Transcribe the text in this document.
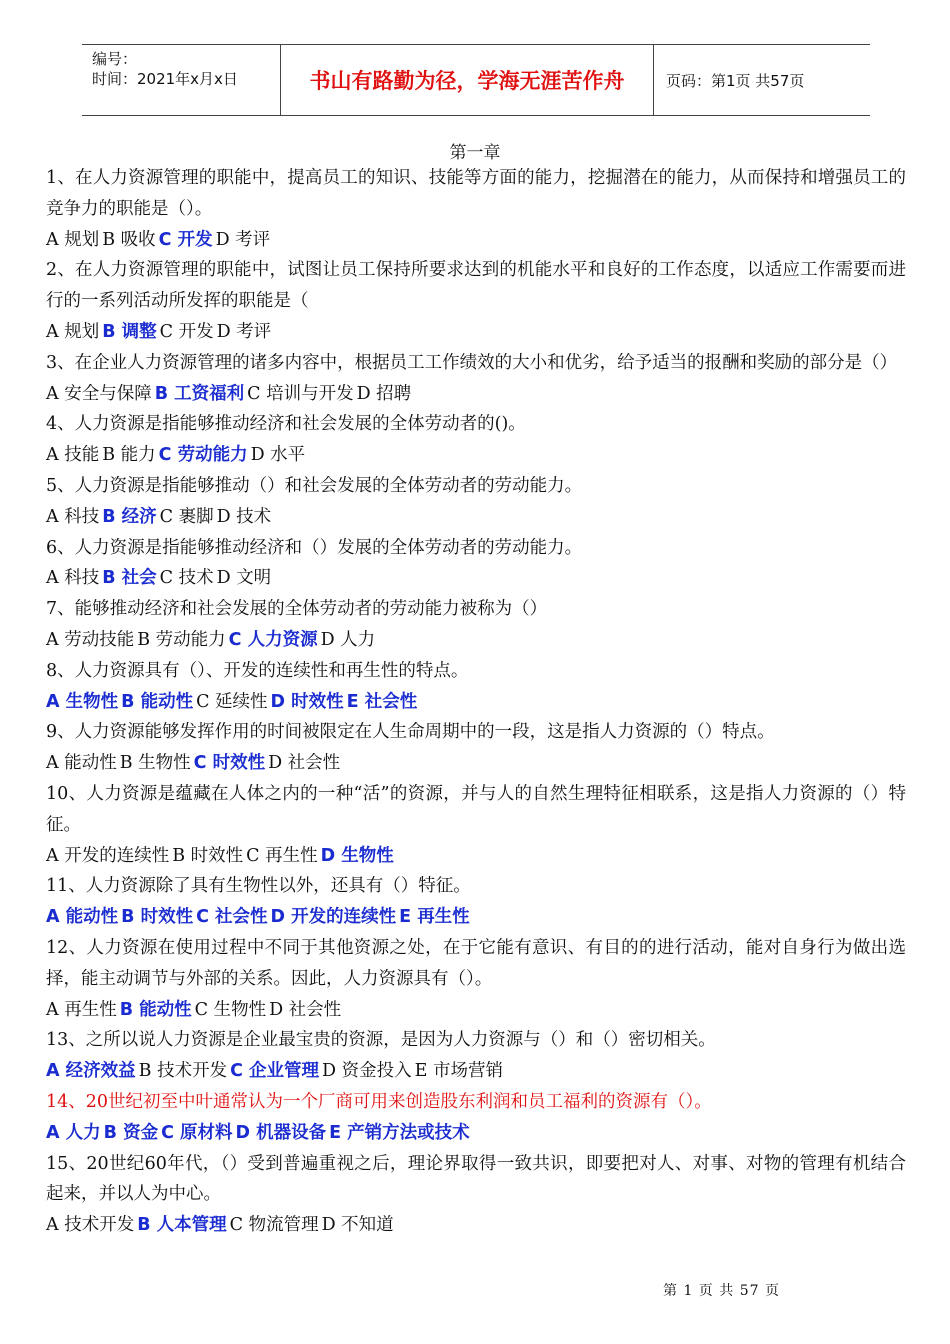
编号：
时间：2021年x月x日	书山有路勤为径，学海无涯苦作舟	页码：第1页 共57页
第一章
1、在人力资源管理的职能中，提高员工的知识、技能等方面的能力，挖掘潜在的能力，从而保持和增强员工的竞争力的职能是（）。
A 规划 B 吸收 C 开发 D 考评
2、在人力资源管理的职能中，试图让员工保持所要求达到的机能水平和良好的工作态度，以适应工作需要而进行的一系列活动所发挥的职能是（
A 规划 B 调整 C 开发 D 考评
3、在企业人力资源管理的诸多内容中，根据员工工作绩效的大小和优劣，给予适当的报酬和奖励的部分是（）
A 安全与保障 B 工资福利 C 培训与开发 D 招聘
4、人力资源是指能够推动经济和社会发展的全体劳动者的()。
A 技能 B 能力 C 劳动能力 D 水平
5、人力资源是指能够推动（）和社会发展的全体劳动者的劳动能力。
A 科技 B 经济 C 裹脚 D 技术
6、人力资源是指能够推动经济和（）发展的全体劳动者的劳动能力。
A 科技 B 社会 C 技术 D 文明
7、能够推动经济和社会发展的全体劳动者的劳动能力被称为（）
A 劳动技能 B 劳动能力 C 人力资源 D 人力
8、人力资源具有（）、开发的连续性和再生性的特点。
A 生物性 B 能动性 C 延续性 D 时效性 E 社会性
9、人力资源能够发挥作用的时间被限定在人生命周期中的一段，这是指人力资源的（）特点。
A 能动性 B 生物性 C 时效性 D 社会性
10、人力资源是蕴藏在人体之内的一种“活”的资源，并与人的自然生理特征相联系，这是指人力资源的（）特征。
A 开发的连续性 B 时效性 C 再生性 D 生物性
11、人力资源除了具有生物性以外，还具有（）特征。
A 能动性 B 时效性 C 社会性 D 开发的连续性 E 再生性
12、人力资源在使用过程中不同于其他资源之处，在于它能有意识、有目的的进行活动，能对自身行为做出选择，能主动调节与外部的关系。因此，人力资源具有（）。
A 再生性 B 能动性 C 生物性 D 社会性
13、之所以说人力资源是企业最宝贵的资源，是因为人力资源与（）和（）密切相关。
A 经济效益 B 技术开发 C 企业管理 D 资金投入 E 市场营销
14、20世纪初至中叶通常认为一个厂商可用来创造股东利润和员工福利的资源有（）。
A 人力 B 资金 C 原材料 D 机器设备 E 产销方法或技术
15、20世纪60年代，（）受到普遍重视之后，理论界取得一致共识，即要把对人、对事、对物的管理有机结合起来，并以人为中心。
A 技术开发 B 人本管理 C 物流管理 D 不知道
第 1 页 共 57 页
